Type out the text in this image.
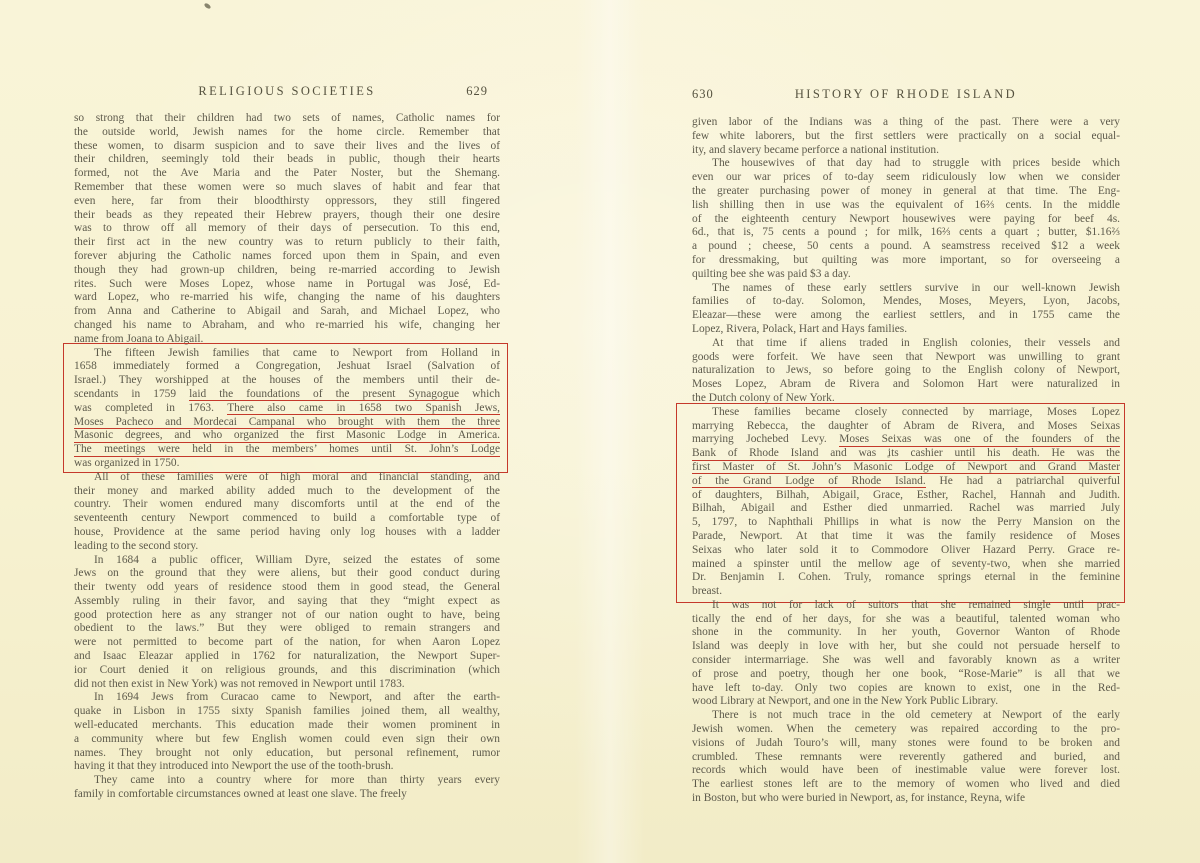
RELIGIOUS SOCIETIES	629	HISTORY OF RHODE ISLAND
630
so strong that their children had two sets of names, Catholic names for
the outside world, Jewish names for the home circle. Remember that
these women, to disarm suspicion and to save their lives and the lives of
their children, seemingly told their beads in public, though their hearts
formed, not the Ave Maria and the Pater Noster, but the Shemang.
Remember that these women were so much slaves of habit and fear that
even here, far from their bloodthirsty oppressors, they still fingered
their beads as they repeated their Hebrew prayers, though their one desire
was to throw off all memory of their days of persecution. To this end,
their first act in the new country was to return publicly to their faith,
forever abjuring the Catholic names forced upon them in Spain, and even
though they had grown-up children, being re-married according to Jewish
rites. Such were Moses Lopez, whose name in Portugal was José, Ed-
ward Lopez, who re-married his wife, changing the name of his daughters
from Anna and Catherine to Abigail and Sarah, and Michael Lopez, who
changed his name to Abraham, and who re-married his wife, changing her
name from Joana to Abigail.
The fifteen Jewish families that came to Newport from Holland in
1658 immediately formed a Congregation, Jeshuat Israel (Salvation of
Israel.) They worshipped at the houses of the members until their de-
scendants in 1759 laid the foundations of the present Synagogue which
was completed in 1763. There also came in 1658 two Spanish Jews,
Moses Pacheco and Mordecai Campanal who brought with them the three
Masonic degrees, and who organized the first Masonic Lodge in America.
The meetings were held in the members’ homes until St. John’s Lodge
was organized in 1750.
All of these families were of high moral and financial standing, and
their money and marked ability added much to the development of the
country. Their women endured many discomforts until at the end of the
seventeenth century Newport commenced to build a comfortable type of
house, Providence at the same period having only log houses with a ladder
leading to the second story.
In 1684 a public officer, William Dyre, seized the estates of some
Jews on the ground that they were aliens, but their good conduct during
their twenty odd years of residence stood them in good stead, the General
Assembly ruling in their favor, and saying that they “might expect as
good protection here as any stranger not of our nation ought to have, being
obedient to the laws.” But they were obliged to remain strangers and
were not permitted to become part of the nation, for when Aaron Lopez
and Isaac Eleazar applied in 1762 for naturalization, the Newport Super-
ior Court denied it on religious grounds, and this discrimination (which
did not then exist in New York) was not removed in Newport until 1783.
In 1694 Jews from Curacao came to Newport, and after the earth-
quake in Lisbon in 1755 sixty Spanish families joined them, all wealthy,
well-educated merchants. This education made their women prominent in
a community where but few English women could even sign their own
names. They brought not only education, but personal refinement, rumor
having it that they introduced into Newport the use of the tooth-brush.
They came into a country where for more than thirty years every
family in comfortable circumstances owned at least one slave. The freely
given labor of the Indians was a thing of the past. There were a very
few white laborers, but the first settlers were practically on a social equal-
ity, and slavery became perforce a national institution.
The housewives of that day had to struggle with prices beside which
even our war prices of to-day seem ridiculously low when we consider
the greater purchasing power of money in general at that time. The Eng-
lish shilling then in use was the equivalent of 16⅔ cents. In the middle
of the eighteenth century Newport housewives were paying for beef 4s.
6d., that is, 75 cents a pound ; for milk, 16⅔ cents a quart ; butter, $1.16⅔
a pound ; cheese, 50 cents a pound. A seamstress received $12 a week
for dressmaking, but quilting was more important, so for overseeing a
quilting bee she was paid $3 a day.
The names of these early settlers survive in our well-known Jewish
families of to-day. Solomon, Mendes, Moses, Meyers, Lyon, Jacobs,
Eleazar—these were among the earliest settlers, and in 1755 came the
Lopez, Rivera, Polack, Hart and Hays families.
At that time if aliens traded in English colonies, their vessels and
goods were forfeit. We have seen that Newport was unwilling to grant
naturalization to Jews, so before going to the English colony of Newport,
Moses Lopez, Abram de Rivera and Solomon Hart were naturalized in
the Dutch colony of New York.
These families became closely connected by marriage, Moses Lopez
marrying Rebecca, the daughter of Abram de Rivera, and Moses Seixas
marrying Jochebed Levy. Moses Seixas was one of the founders of the
Bank of Rhode Island and was its cashier until his death. He was the
first Master of St. John’s Masonic Lodge of Newport and Grand Master
of the Grand Lodge of Rhode Island. He had a patriarchal quiverful
of daughters, Bilhah, Abigail, Grace, Esther, Rachel, Hannah and Judith.
Bilhah, Abigail and Esther died unmarried. Rachel was married July
5, 1797, to Naphthali Phillips in what is now the Perry Mansion on the
Parade, Newport. At that time it was the family residence of Moses
Seixas who later sold it to Commodore Oliver Hazard Perry. Grace re-
mained a spinster until the mellow age of seventy-two, when she married
Dr. Benjamin I. Cohen. Truly, romance springs eternal in the feminine
breast.
It was not for lack of suitors that she remained single until prac-
tically the end of her days, for she was a beautiful, talented woman who
shone in the community. In her youth, Governor Wanton of Rhode
Island was deeply in love with her, but she could not persuade herself to
consider intermarriage. She was well and favorably known as a writer
of prose and poetry, though her one book, “Rose-Marie” is all that we
have left to-day. Only two copies are known to exist, one in the Red-
wood Library at Newport, and one in the New York Public Library.
There is not much trace in the old cemetery at Newport of the early
Jewish women. When the cemetery was repaired according to the pro-
visions of Judah Touro’s will, many stones were found to be broken and
crumbled. These remnants were reverently gathered and buried, and
records which would have been of inestimable value were forever lost.
The earliest stones left are to the memory of women who lived and died
in Boston, but who were buried in Newport, as, for instance, Reyna, wife
